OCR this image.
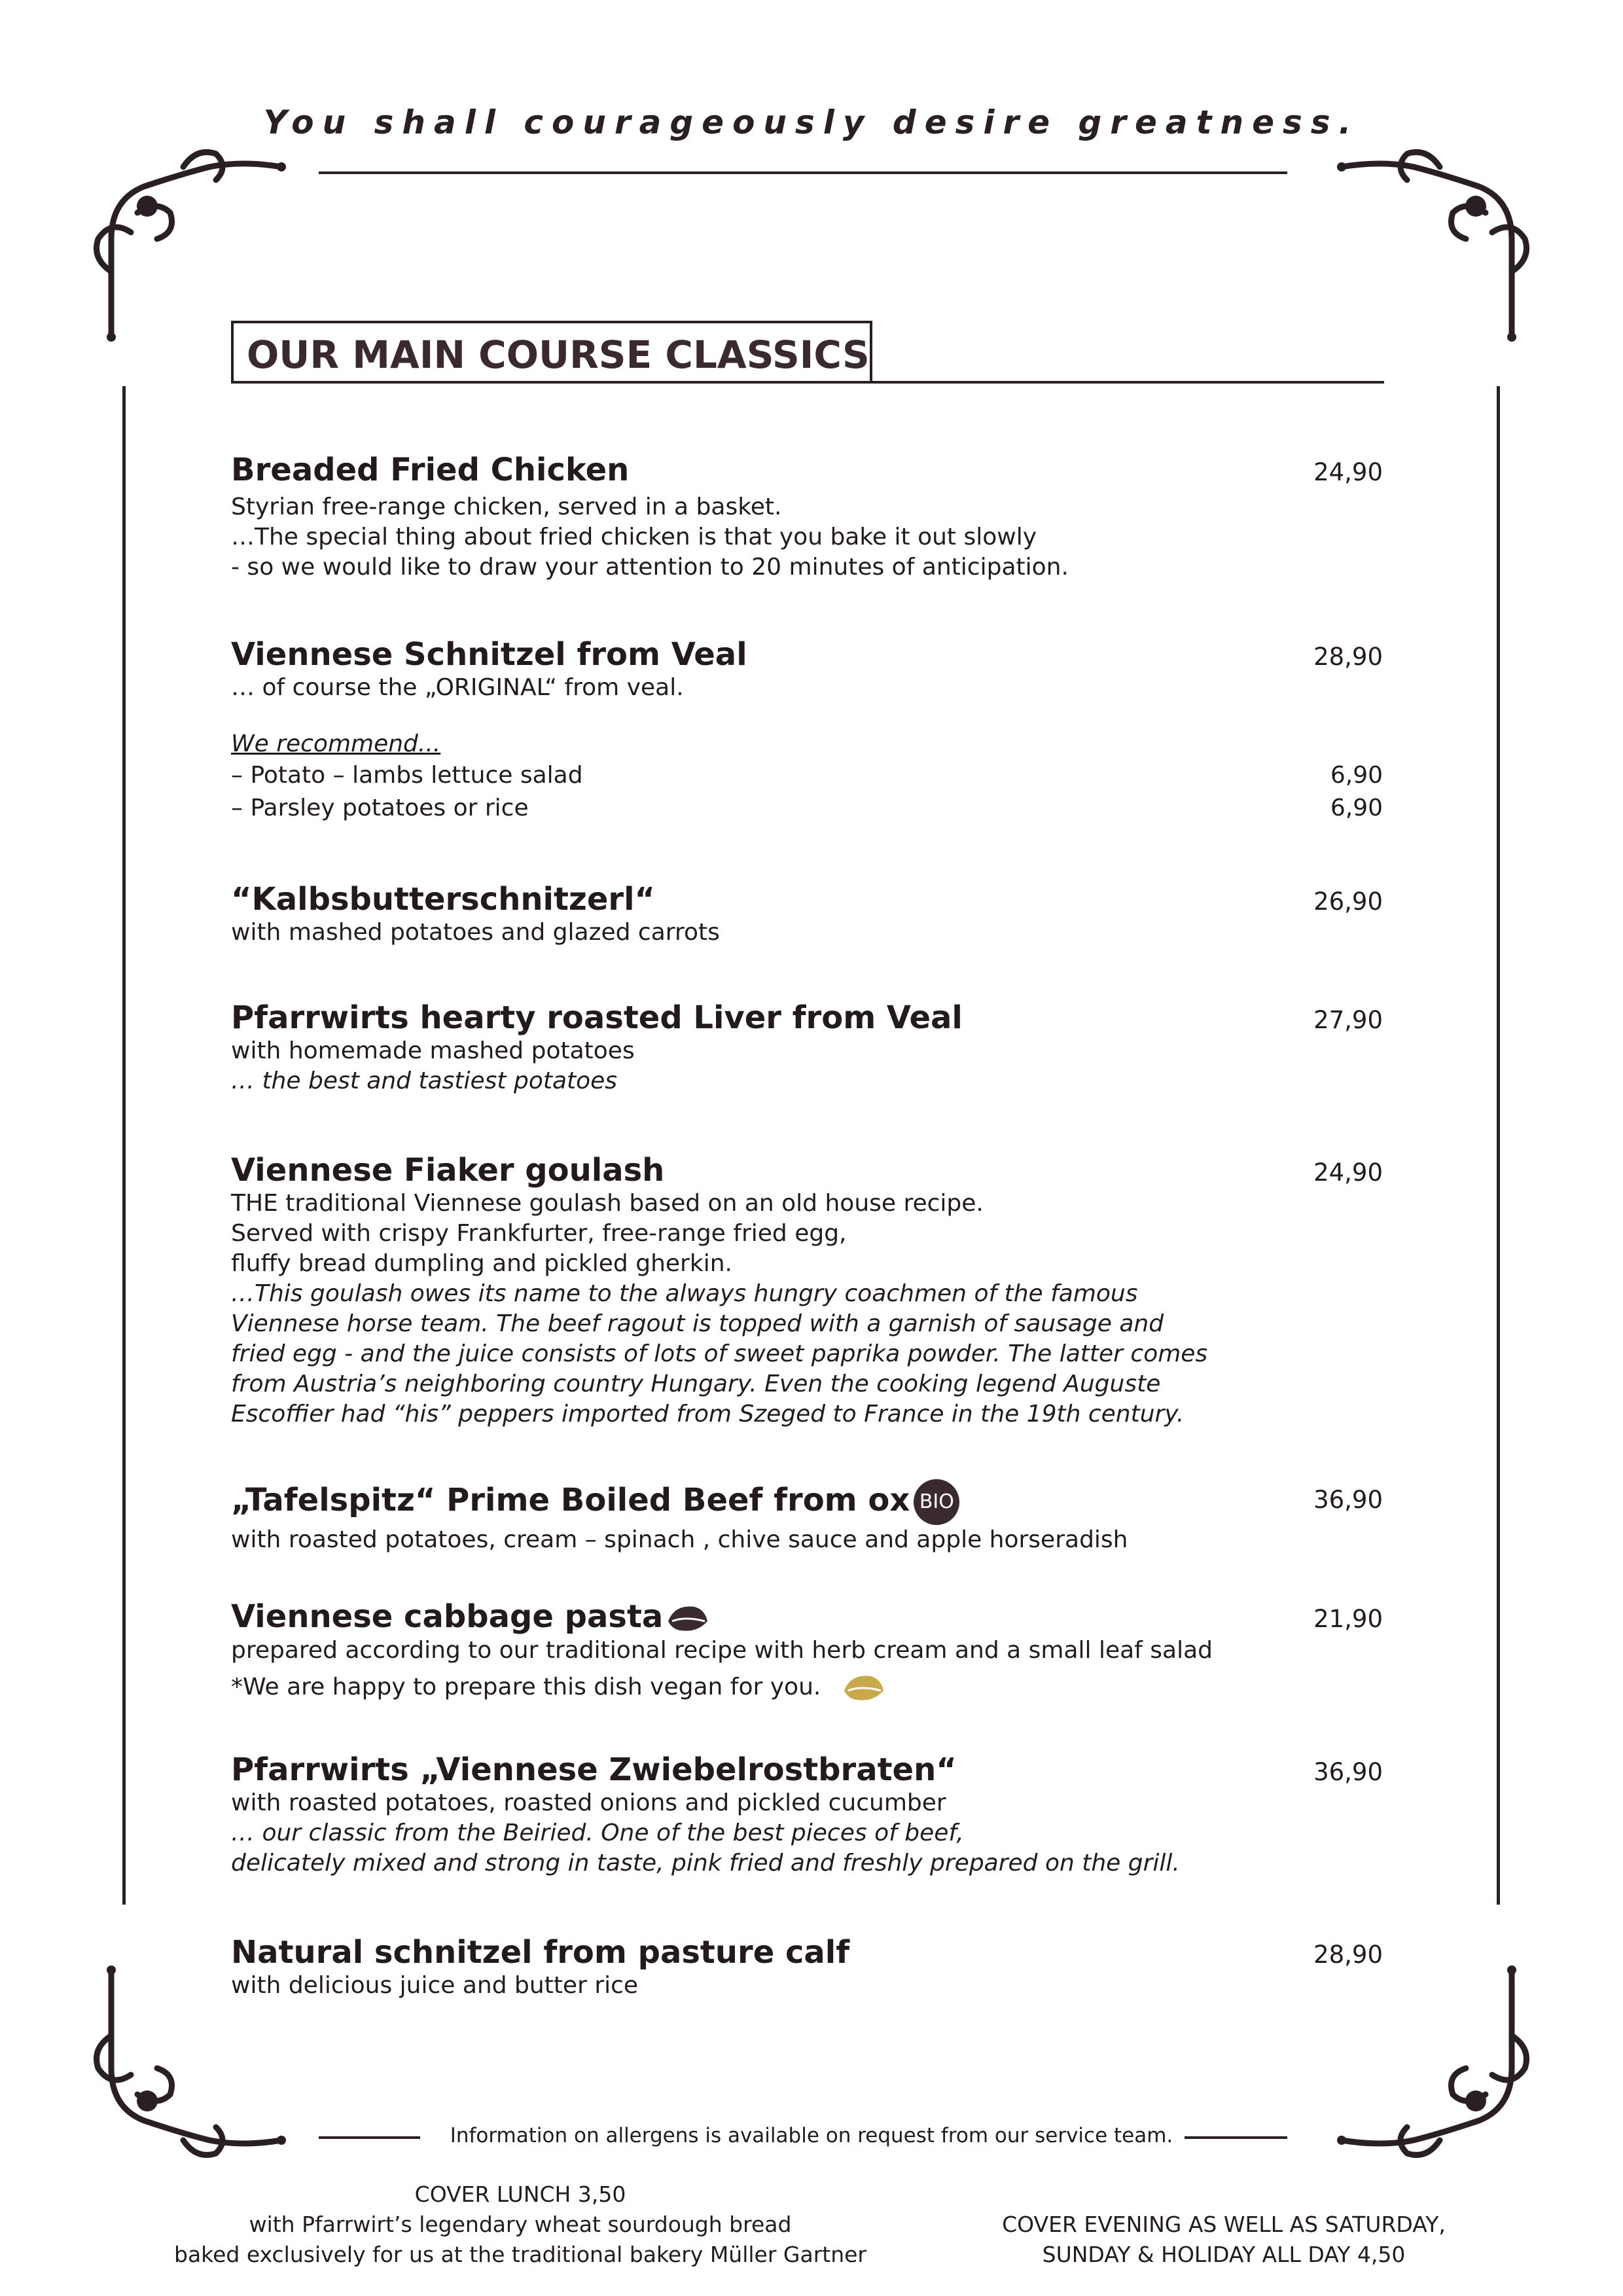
You shall courageously desire greatness.
OUR MAIN COURSE CLASSICS
Breaded Fried Chicken	24,90
Styrian free-range chicken, served in a basket.
…The special thing about fried chicken is that you bake it out slowly
- so we would like to draw your attention to 20 minutes of anticipation.
Viennese Schnitzel from Veal	28,90
… of course the „ORIGINAL“ from veal.
We recommend...
– Potato – lambs lettuce salad	6,90
– Parsley potatoes or rice	6,90
“Kalbsbutterschnitzerl“	26,90
with mashed potatoes and glazed carrots
Pfarrwirts hearty roasted Liver from Veal	27,90
with homemade mashed potatoes
… the best and tastiest potatoes
Viennese Fiaker goulash	24,90
THE traditional Viennese goulash based on an old house recipe.
Served with crispy Frankfurter, free-range fried egg,
fluffy bread dumpling and pickled gherkin.
…This goulash owes its name to the always hungry coachmen of the famous
Viennese horse team. The beef ragout is topped with a garnish of sausage and
fried egg - and the juice consists of lots of sweet paprika powder. The latter comes
from Austria’s neighboring country Hungary. Even the cooking legend Auguste
Escoffier had “his” peppers imported from Szeged to France in the 19th century.
„Tafelspitz“ Prime Boiled Beef from ox BIO	36,90
with roasted potatoes, cream – spinach , chive sauce and apple horseradish
Viennese cabbage pasta	21,90
prepared according to our traditional recipe with herb cream and a small leaf salad
*We are happy to prepare this dish vegan for you.
Pfarrwirts „Viennese Zwiebelrostbraten“	36,90
with roasted potatoes, roasted onions and pickled cucumber
… our classic from the Beiried. One of the best pieces of beef,
delicately mixed and strong in taste, pink fried and freshly prepared on the grill.
Natural schnitzel from pasture calf	28,90
with delicious juice and butter rice
Information on allergens is available on request from our service team.
COVER LUNCH 3,50
with Pfarrwirt’s legendary wheat sourdough bread
baked exclusively for us at the traditional bakery Müller Gartner
COVER EVENING AS WELL AS SATURDAY,
SUNDAY & HOLIDAY ALL DAY 4,50
